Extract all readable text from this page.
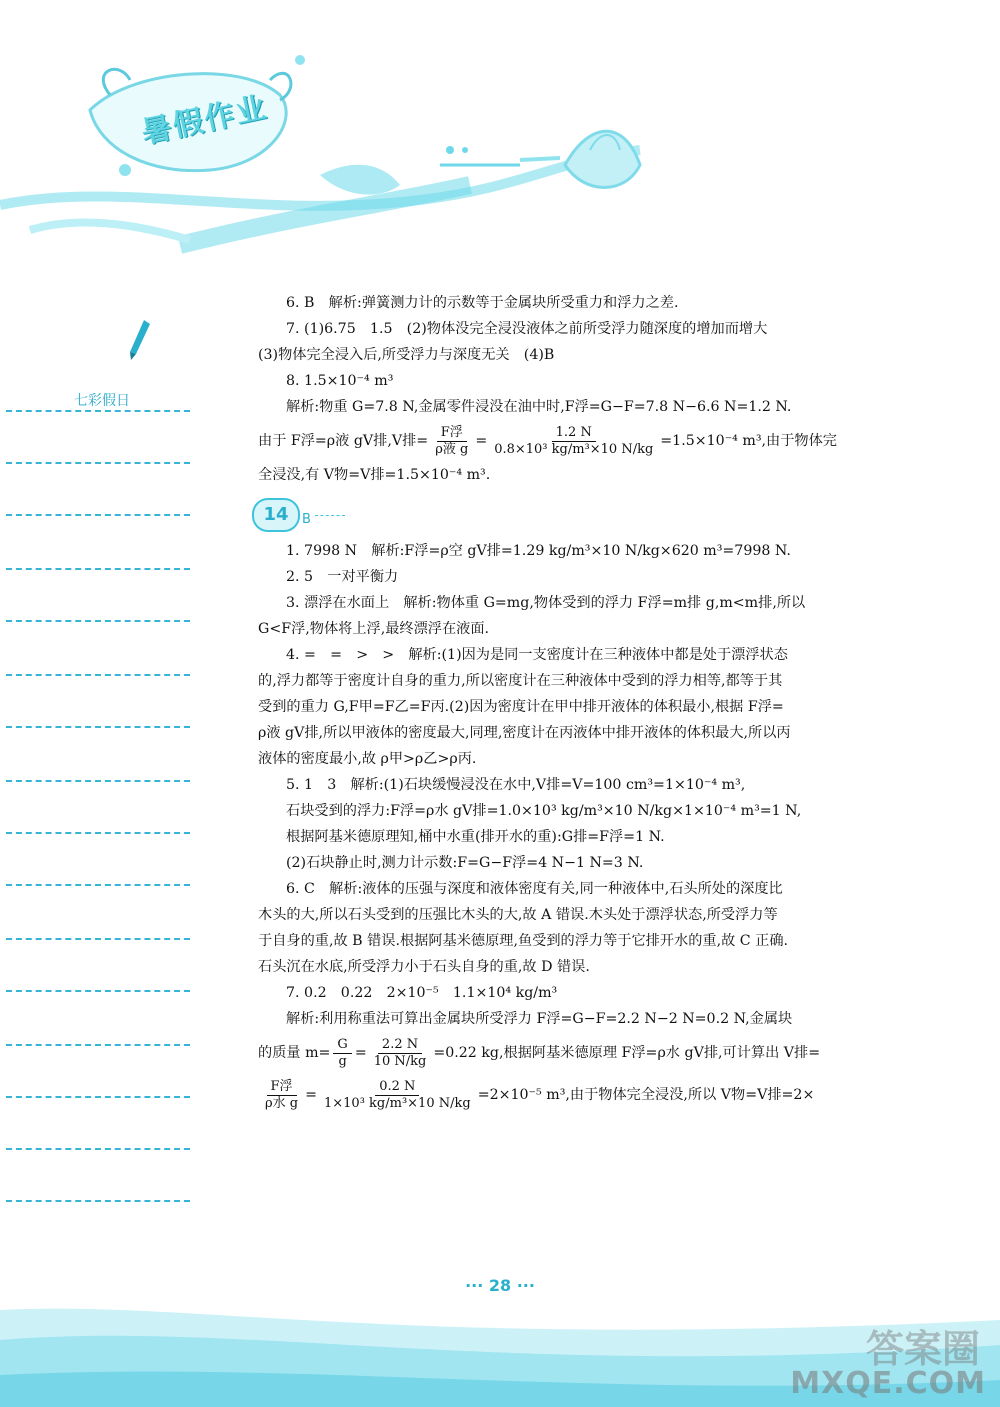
暑假作业
七彩假日

6. B　解析:弹簧测力计的示数等于金属块所受重力和浮力之差.

7. (1)6.75　1.5　(2)物体没完全浸没液体之前所受浮力随深度的增加而增大

(3)物体完全浸入后,所受浮力与深度无关　(4)B

8. 1.5×10⁻⁴ m³

解析:物重 G=7.8 N,金属零件浸没在油中时,F浮=G−F=7.8 N−6.6 N=1.2 N.

由于 F浮=ρ液 gV排,V排= $\frac{\text{F浮}}{\text{ρ液 g}} = \frac{1.2 N}{\text{0.8×10³ kg/m³×10 N/kg}} =1.5\times 10^{-4}$ m³,由于物体完

全浸没,有 V物=V排=1.5×10⁻⁴ m³.

14	B

1. 7998 N　解析:F浮=ρ空 gV排=1.29 kg/m³×10 N/kg×620 m³=7998 N.

2. 5　一对平衡力

3. 漂浮在水面上　解析:物体重 G=mg,物体受到的浮力 F浮=m排 g,m<m排,所以

G<F浮,物体将上浮,最终漂浮在液面.

4. =　=　>　>　解析:(1)因为是同一支密度计在三种液体中都是处于漂浮状态

的,浮力都等于密度计自身的重力,所以密度计在三种液体中受到的浮力相等,都等于其

受到的重力 G,F甲=F乙=F丙.(2)因为密度计在甲中排开液体的体积最小,根据 F浮=

ρ液 gV排,所以甲液体的密度最大,同理,密度计在丙液体中排开液体的体积最大,所以丙

液体的密度最小,故 ρ甲>ρ乙>ρ丙.

5. 1　3　解析:(1)石块缓慢浸没在水中,V排=V=100 cm³=1×10⁻⁴ m³,

石块受到的浮力:F浮=ρ水 gV排=1.0×10³ kg/m³×10 N/kg×1×10⁻⁴ m³=1 N,

根据阿基米德原理知,桶中水重(排开水的重):G排=F浮=1 N.

(2)石块静止时,测力计示数:F=G−F浮=4 N−1 N=3 N.

6. C　解析:液体的压强与深度和液体密度有关,同一种液体中,石头所处的深度比

木头的大,所以石头受到的压强比木头的大,故 A 错误.木头处于漂浮状态,所受浮力等

于自身的重,故 B 错误.根据阿基米德原理,鱼受到的浮力等于它排开水的重,故 C 正确.

石头沉在水底,所受浮力小于石头自身的重,故 D 错误.

7. 0.2　0.22　2×10⁻⁵　1.1×10⁴ kg/m³

解析:利用称重法可算出金属块所受浮力 F浮=G−F=2.2 N−2 N=0.2 N,金属块

的质量 $m= \frac{G}{g} = \frac{2.2 N}{10 N/kg} =0.22$ kg,根据阿基米德原理 F浮=ρ水 gV排,可计算出 V排=
$\frac{\text{F浮}}{\text{ρ水 g}} = \frac{0.2 N}{\text{1×10³ kg/m³×10 N/kg}} =2\times 10^{-5}$ m³,由于物体完全浸没,所以 V物=V排=2×
··· 28 ···
答案圈
MXQE.COM
